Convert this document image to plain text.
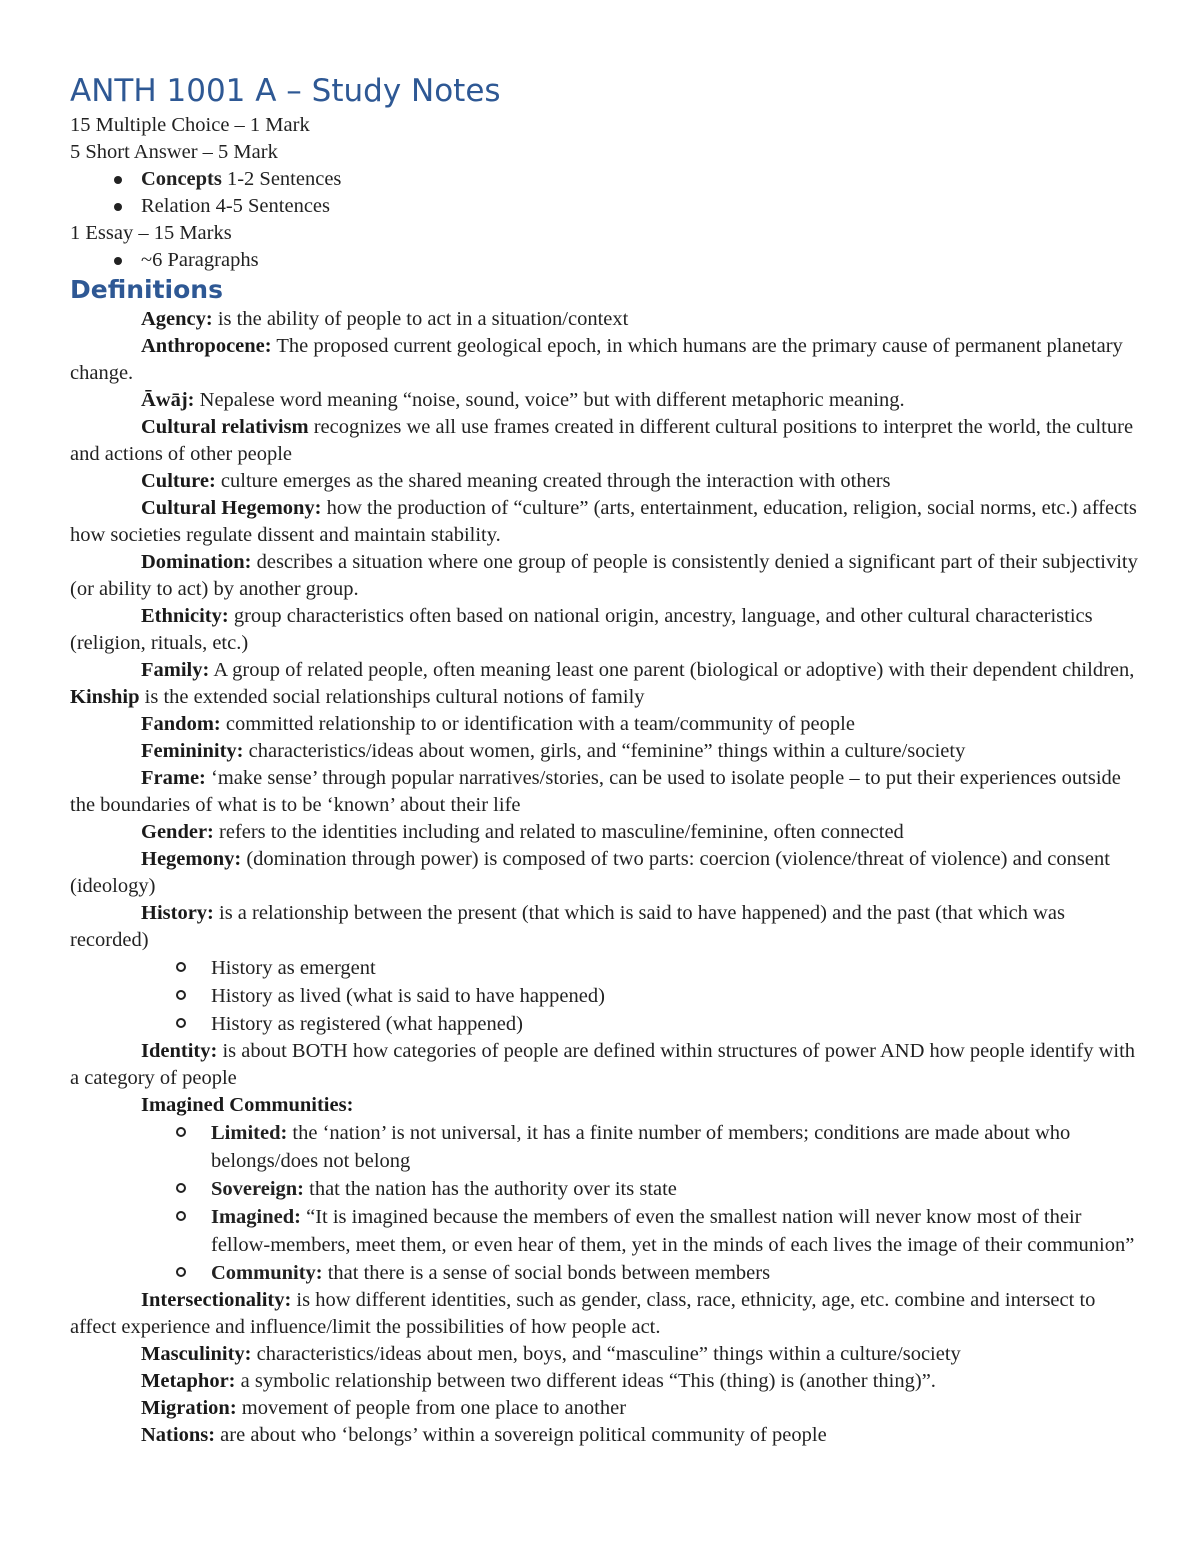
ANTH 1001 A – Study Notes

15 Multiple Choice – 1 Mark

5 Short Answer – 5 Mark

Concepts 1-2 Sentences
Relation 4-5 Sentences

1 Essay – 15 Marks

~6 Paragraphs
Definitions

Agency: is the ability of people to act in a situation/context

Anthropocene: The proposed current geological epoch, in which humans are the primary cause of permanent planetary change.

Āwāj: Nepalese word meaning “noise, sound, voice” but with different metaphoric meaning.

Cultural relativism recognizes we all use frames created in different cultural positions to interpret the world, the culture and actions of other people

Culture: culture emerges as the shared meaning created through the interaction with others

Cultural Hegemony: how the production of “culture” (arts, entertainment, education, religion, social norms, etc.) affects how societies regulate dissent and maintain stability.

Domination: describes a situation where one group of people is consistently denied a significant part of their subjectivity (or ability to act) by another group.

Ethnicity: group characteristics often based on national origin, ancestry, language, and other cultural characteristics (religion, rituals, etc.)

Family: A group of related people, often meaning least one parent (biological or adoptive) with their dependent children, Kinship is the extended social relationships cultural notions of family

Fandom: committed relationship to or identification with a team/community of people

Femininity: characteristics/ideas about women, girls, and “feminine” things within a culture/society

Frame: ‘make sense’ through popular narratives/stories, can be used to isolate people – to put their experiences outside the boundaries of what is to be ‘known’ about their life

Gender: refers to the identities including and related to masculine/feminine, often connected

Hegemony: (domination through power) is composed of two parts: coercion (violence/threat of violence) and consent (ideology)

History: is a relationship between the present (that which is said to have happened) and the past (that which was recorded)

History as emergent
History as lived (what is said to have happened)
History as registered (what happened)

Identity: is about BOTH how categories of people are defined within structures of power AND how people identify with a category of people

Imagined Communities:

Limited: the ‘nation’ is not universal, it has a finite number of members; conditions are made about who belongs/does not belong
Sovereign: that the nation has the authority over its state
Imagined: “It is imagined because the members of even the smallest nation will never know most of their fellow-members, meet them, or even hear of them, yet in the minds of each lives the image of their communion”
Community: that there is a sense of social bonds between members

Intersectionality: is how different identities, such as gender, class, race, ethnicity, age, etc. combine and intersect to affect experience and influence/limit the possibilities of how people act.

Masculinity: characteristics/ideas about men, boys, and “masculine” things within a culture/society

Metaphor: a symbolic relationship between two different ideas “This (thing) is (another thing)”.

Migration: movement of people from one place to another

Nations: are about who ‘belongs’ within a sovereign political community of people
